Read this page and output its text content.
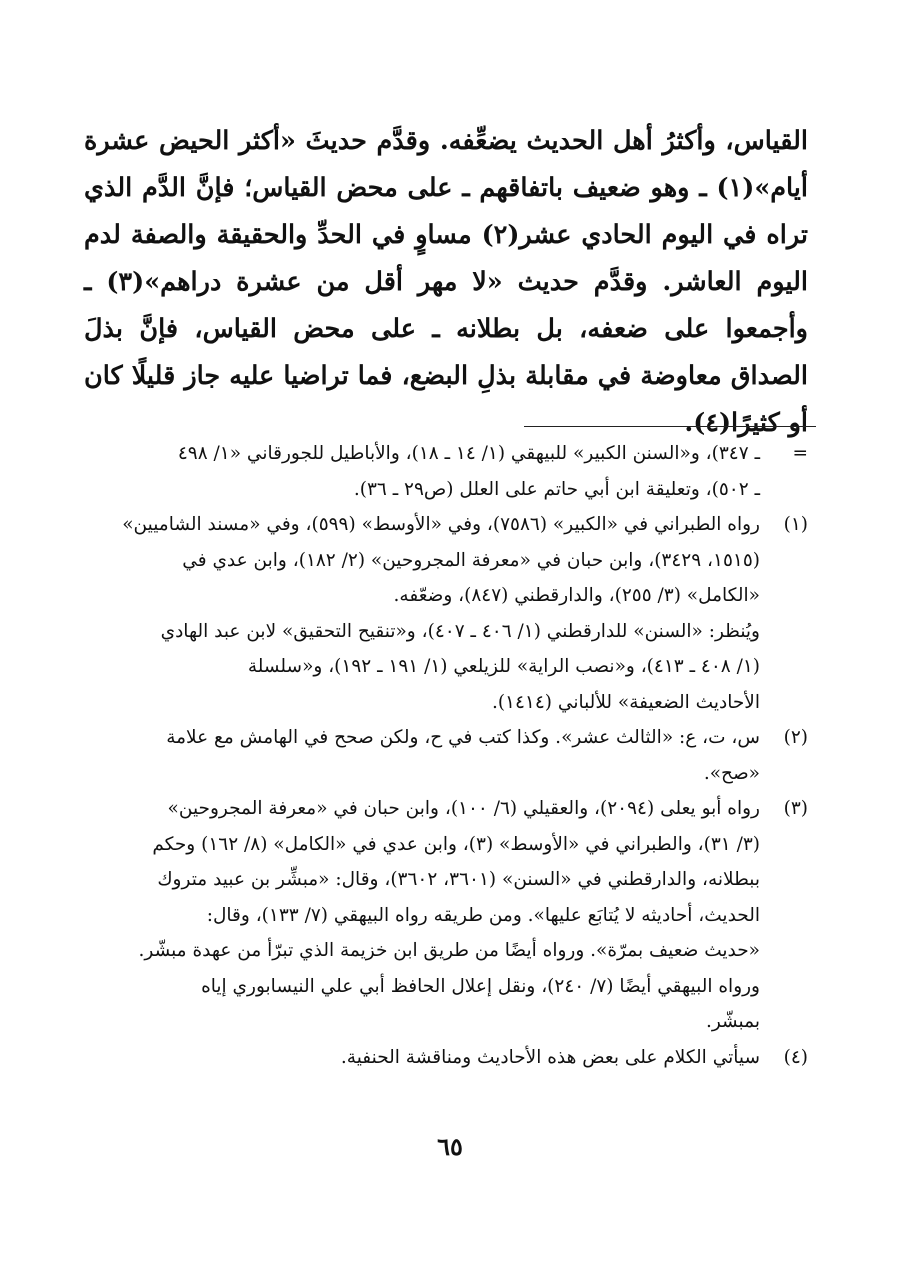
القياس، وأكثرُ أهل الحديث يضعِّفه. وقدَّم حديثَ «أكثر الحيض عشرة أيام»(١) ـ وهو ضعيف باتفاقهم ـ على محض القياس؛ فإنَّ الدَّم الذي تراه في اليوم الحادي عشر(٢) مساوٍ في الحدِّ والحقيقة والصفة لدم اليوم العاشر. وقدَّم حديث «لا مهر أقل من عشرة دراهم»(٣) ـ وأجمعوا على ضعفه، بل بطلانه ـ على محض القياس، فإنَّ بذلَ الصداق معاوضة في مقابلة بذلِ البضع، فما تراضيا عليه جاز قليلًا كان أو كثيرًا(٤).

=
ـ ٣٤٧)، و«السنن الكبير» للبيهقي (١/ ١٤ ـ ١٨)، والأباطيل للجورقاني «١/ ٤٩٨
ـ ٥٠٢)، وتعليقة ابن أبي حاتم على العلل (ص٢٩ ـ ٣٦).
(١)
رواه الطبراني في «الكبير» (٧٥٨٦)، وفي «الأوسط» (٥٩٩)، وفي «مسند الشاميين»
(١٥١٥، ٣٤٢٩)، وابن حبان في «معرفة المجروحين» (٢/ ١٨٢)، وابن عدي في
«الكامل» (٣/ ٢٥٥)، والدارقطني (٨٤٧)، وضعّفه.
ويُنظر: «السنن» للدارقطني (١/ ٤٠٦ ـ ٤٠٧)، و«تنقيح التحقيق» لابن عبد الهادي
(١/ ٤٠٨ ـ ٤١٣)، و«نصب الراية» للزيلعي (١/ ١٩١ ـ ١٩٢)، و«سلسلة
الأحاديث الضعيفة» للألباني (١٤١٤).
(٢)
س، ت، ع: «الثالث عشر». وكذا كتب في ح، ولكن صحح في الهامش مع علامة
«صح».
(٣)
رواه أبو يعلى (٢٠٩٤)، والعقيلي (٦/ ١٠٠)، وابن حبان في «معرفة المجروحين»
(٣/ ٣١)، والطبراني في «الأوسط» (٣)، وابن عدي في «الكامل» (٨/ ١٦٢) وحكم
ببطلانه، والدارقطني في «السنن» (٣٦٠١، ٣٦٠٢)، وقال: «مبشِّر بن عبيد متروك
الحديث، أحاديثه لا يُتابَع عليها». ومن طريقه رواه البيهقي (٧/ ١٣٣)، وقال:
«حديث ضعيف بمرّة». ورواه أيضًا من طريق ابن خزيمة الذي تبرّأ من عهدة مبشّر.
ورواه البيهقي أيضًا (٧/ ٢٤٠)، ونقل إعلال الحافظ أبي علي النيسابوري إياه
بمبشّر.
(٤)
سيأتي الكلام على بعض هذه الأحاديث ومناقشة الحنفية.
٦٥
